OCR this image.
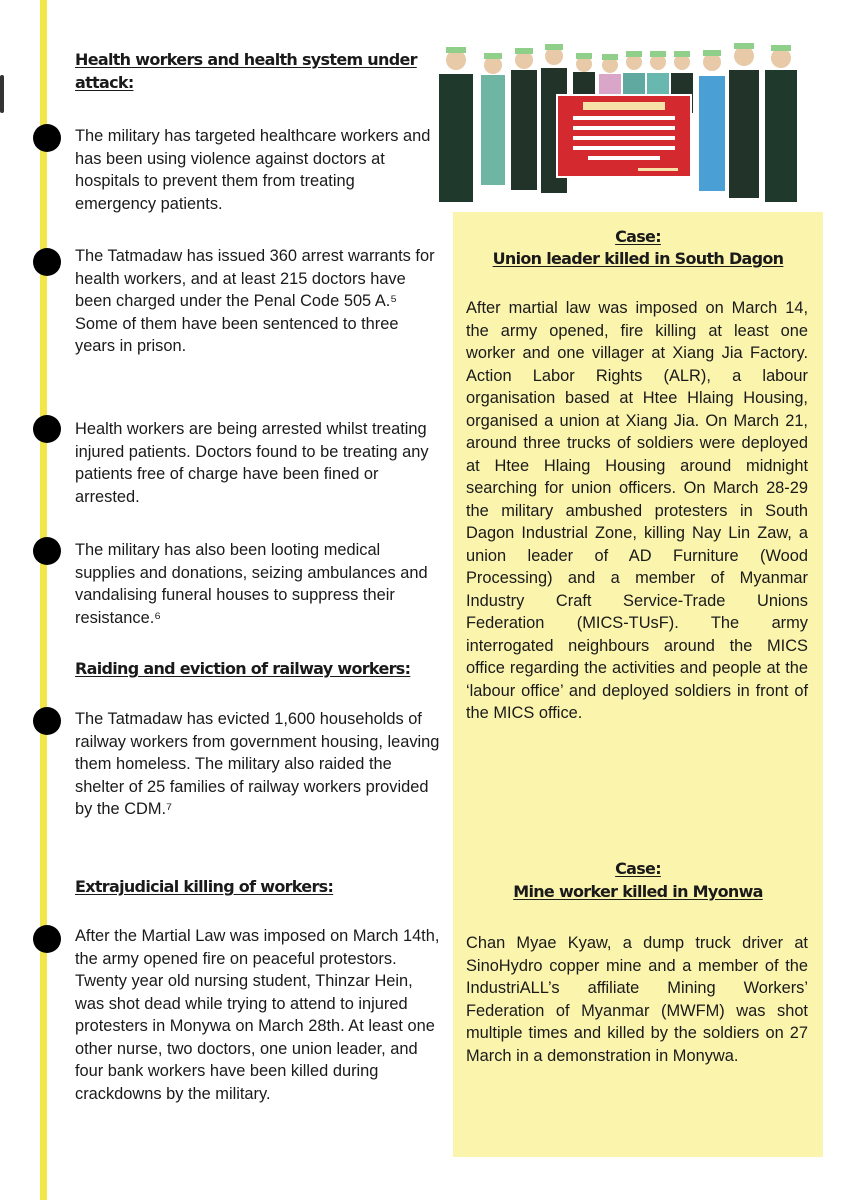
Health workers and health system under attack:

The military has targeted healthcare workers and has been using violence against doctors at hospitals to prevent them from treating emergency patients.

The Tatmadaw has issued 360 arrest warrants for health workers, and at least 215 doctors have been charged under the Penal Code 505 A.⁵ Some of them have been sentenced to three years in prison.

Health workers are being arrested whilst treating injured patients. Doctors found to be treating any patients free of charge have been fined or arrested.

The military has also been looting medical supplies and donations, seizing ambulances and vandalising funeral houses to suppress their resistance.⁶

Raiding and eviction of railway workers:

The Tatmadaw has evicted 1,600 households of railway workers from government housing, leaving them homeless. The military also raided the shelter of 25 families of railway workers provided by the CDM.⁷

Extrajudicial killing of workers:

After the Martial Law was imposed on March 14th, the army opened fire on peaceful protestors. Twenty year old nursing student, Thinzar Hein, was shot dead while trying to attend to injured protesters in Monywa on March 28th. At least one other nurse, two doctors, one union leader, and four bank workers have been killed during crackdowns by the military.

Case:
Union leader killed in South Dagon

After martial law was imposed on March 14, the army opened, fire killing at least one worker and one villager at Xiang Jia Factory. Action Labor Rights (ALR), a labour organisation based at Htee Hlaing Housing, organised a union at Xiang Jia. On March 21, around three trucks of soldiers were deployed at Htee Hlaing Housing around midnight searching for union officers. On March 28-29 the military ambushed protesters in South Dagon Industrial Zone, killing Nay Lin Zaw, a union leader of AD Furniture (Wood Processing) and a member of Myanmar Industry Craft Service-Trade Unions Federation (MICS-TUsF). The army interrogated neighbours around the MICS office regarding the activities and people at the ‘labour office’ and deployed soldiers in front of the MICS office.

Case:
Mine worker killed in Myonwa

Chan Myae Kyaw, a dump truck driver at SinoHydro copper mine and a member of the IndustriALL’s affiliate Mining Workers’ Federation of Myanmar (MWFM) was shot multiple times and killed by the soldiers on 27 March in a demonstration in Monywa.
